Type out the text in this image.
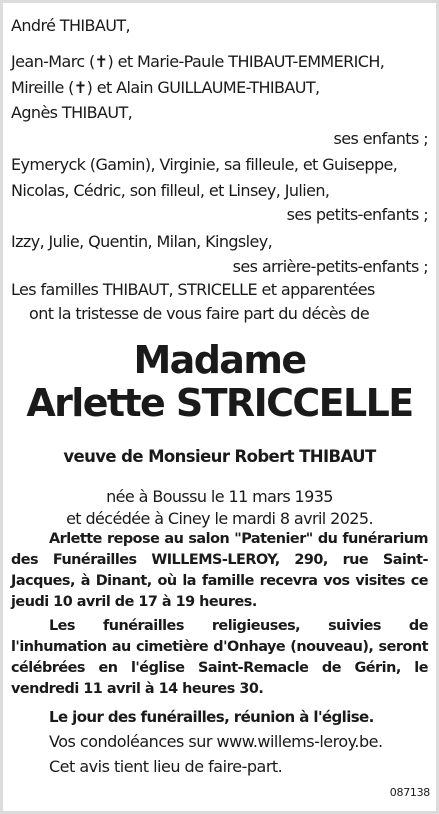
André THIBAUT,
Jean-Marc (✝) et Marie-Paule THIBAUT-EMMERICH,
Mireille (✝) et Alain GUILLAUME-THIBAUT,
Agnès THIBAUT,
ses enfants ;
Eymeryck (Gamin), Virginie, sa filleule, et Guiseppe,
Nicolas, Cédric, son filleul, et Linsey, Julien,
ses petits-enfants ;
Izzy, Julie, Quentin, Milan, Kingsley,
ses arrière-petits-enfants ;
Les familles THIBAUT, STRICELLE et apparentées
ont la tristesse de vous faire part du décès de
Madame
Arlette STRICCELLE
veuve de Monsieur Robert THIBAUT
née à Boussu le 11 mars 1935
et décédée à Ciney le mardi 8 avril 2025.
Arlette repose au salon "Patenier" du funérarium des Funérailles WILLEMS-LEROY, 290, rue Saint-Jacques, à Dinant, où la famille recevra vos visites ce jeudi 10 avril de 17 à 19 heures.
Les funérailles religieuses, suivies de l'inhumation au cimetière d'Onhaye (nouveau), seront célébrées en l'église Saint-Remacle de Gérin, le vendredi 11 avril à 14 heures 30.
Le jour des funérailles, réunion à l'église.
Vos condoléances sur www.willems-leroy.be.
Cet avis tient lieu de faire-part.
087138
